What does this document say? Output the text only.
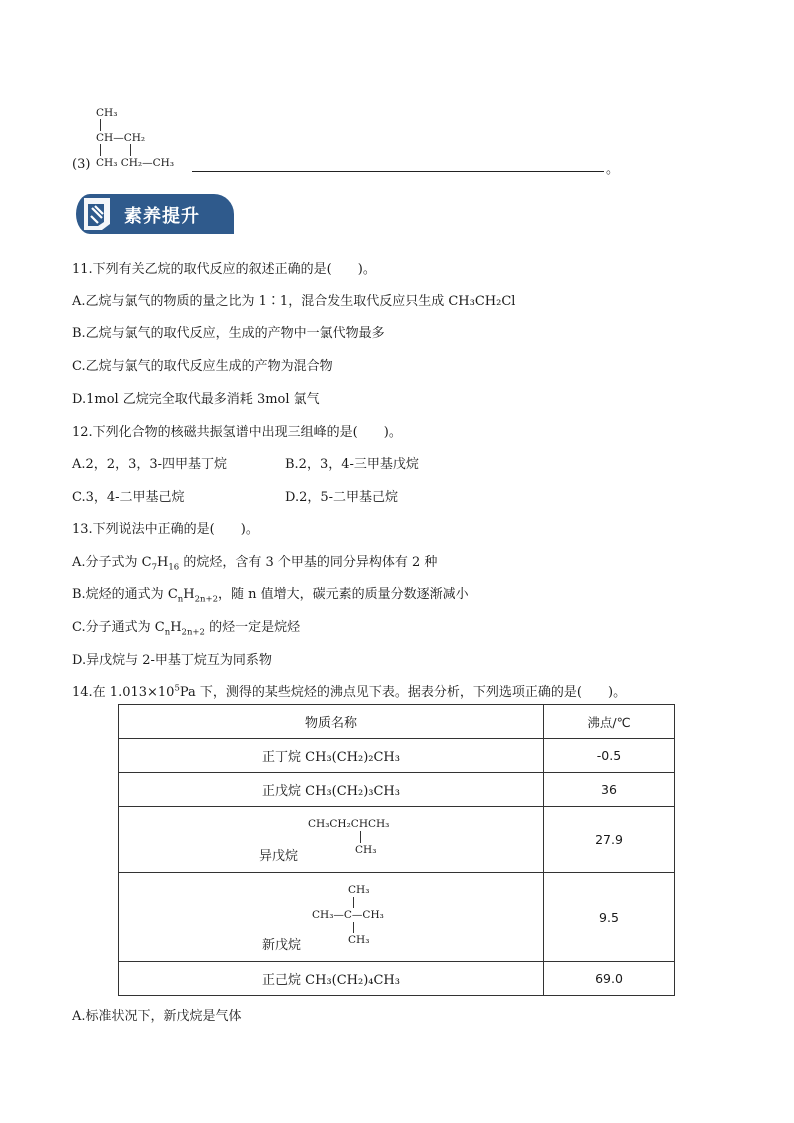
CH₃
CH—CH₂
(3) CH₃ CH₂—CH₃	。
素养提升
11.下列有关乙烷的取代反应的叙述正确的是(　　)。
A.乙烷与氯气的物质的量之比为 1∶1，混合发生取代反应只生成 CH₃CH₂Cl
B.乙烷与氯气的取代反应，生成的产物中一氯代物最多
C.乙烷与氯气的取代反应生成的产物为混合物
D.1mol 乙烷完全取代最多消耗 3mol 氯气
12.下列化合物的核磁共振氢谱中出现三组峰的是(　　)。
A.2，2，3，3-四甲基丁烷	B.2，3，4-三甲基戊烷
C.3，4-二甲基己烷	D.2，5-二甲基己烷
13.下列说法中正确的是(　　)。
A.分子式为 $C_7H_{16}$ 的烷烃，含有 3 个甲基的同分异构体有 2 种
B.烷烃的通式为 $C_nH_{2n+2}$，随 n 值增大，碳元素的质量分数逐渐减小
C.分子通式为 $C_nH_{2n+2}$ 的烃一定是烷烃
D.异戊烷与 2-甲基丁烷互为同系物
14.在 $1.013\times 10^5Pa$ 下，测得的某些烷烃的沸点见下表。据表分析，下列选项正确的是(　　)。
物质名称	沸点/℃
正丁烷 CH₃(CH₂)₂CH₃	-0.5
正戊烷 CH₃(CH₂)₃CH₃	36

CH₃CH₂CHCH₃
CH₃
异戊烷	27.9

CH₃
CH₃—C—CH₃
CH₃
新戊烷	9.5
正己烷 CH₃(CH₂)₄CH₃	69.0
A.标准状况下，新戊烷是气体
